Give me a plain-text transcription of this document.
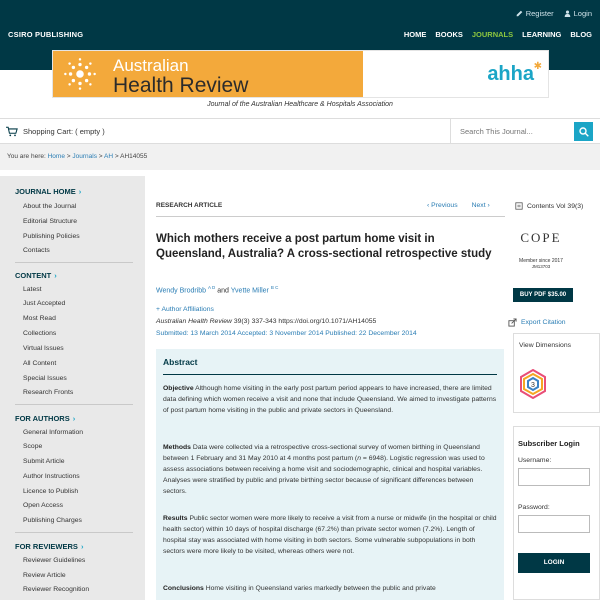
Register	Login
CSIRO PUBLISHING	HOME BOOKS JOURNALS LEARNING BLOG
Australian
Health Review	ahha ✱
Journal of the Australian Healthcare & Hospitals Association
Shopping Cart: ( empty )
Search This Journal...
You are here: Home > Journals > AH > AH14055
JOURNAL HOME ›
About the Journal
Editorial Structure
Publishing Policies
Contacts
CONTENT ›
Latest
Just Accepted
Most Read
Collections
Virtual Issues
All Content
Special Issues
Research Fronts
FOR AUTHORS ›
General Information
Scope
Submit Article
Author Instructions
Licence to Publish
Open Access
Publishing Charges
FOR REVIEWERS ›
Reviewer Guidelines
Review Article
Reviewer Recognition
RESEARCH ARTICLE	‹ Previous Next ›
Which mothers receive a post partum home visit in Queensland, Australia? A cross-sectional retrospective study
Wendy Brodribb $^{A D}$ and Yvette Miller $^{B C}$
+ Author Affiliations
Australian Health Review 39(3) 337-343 https://doi.org/10.1071/AH14055
Submitted: 13 March 2014 Accepted: 3 November 2014 Published: 22 December 2014
Abstract
Objective Although home visiting in the early post partum period appears to have increased, there are limited data defining which women receive a visit and none that include Queensland. We aimed to investigate patterns of post partum home visiting in the public and private sectors in Queensland.
Methods Data were collected via a retrospective cross-sectional survey of women birthing in Queensland between 1 February and 31 May 2010 at 4 months post partum (n = 6948). Logistic regression was used to assess associations between receiving a home visit and sociodemographic, clinical and hospital variables. Analyses were stratified by public and private birthing sector because of significant differences between sectors.
Results Public sector women were more likely to receive a visit from a nurse or midwife (in the hospital or child health sector) within 10 days of hospital discharge (67.2%) than private sector women (7.2%). Length of hospital stay was associated with home visiting in both sectors. Some vulnerable subpopulations in both sectors were more likely to be visited, whereas others were not.
Conclusions Home visiting in Queensland varies markedly between the public and private
Contents Vol 39(3)
COPE
Member since 2017
JM13703
BUY PDF $35.00
Export Citation
View Dimensions
3
Subscriber Login
Username:
Password:
LOGIN
